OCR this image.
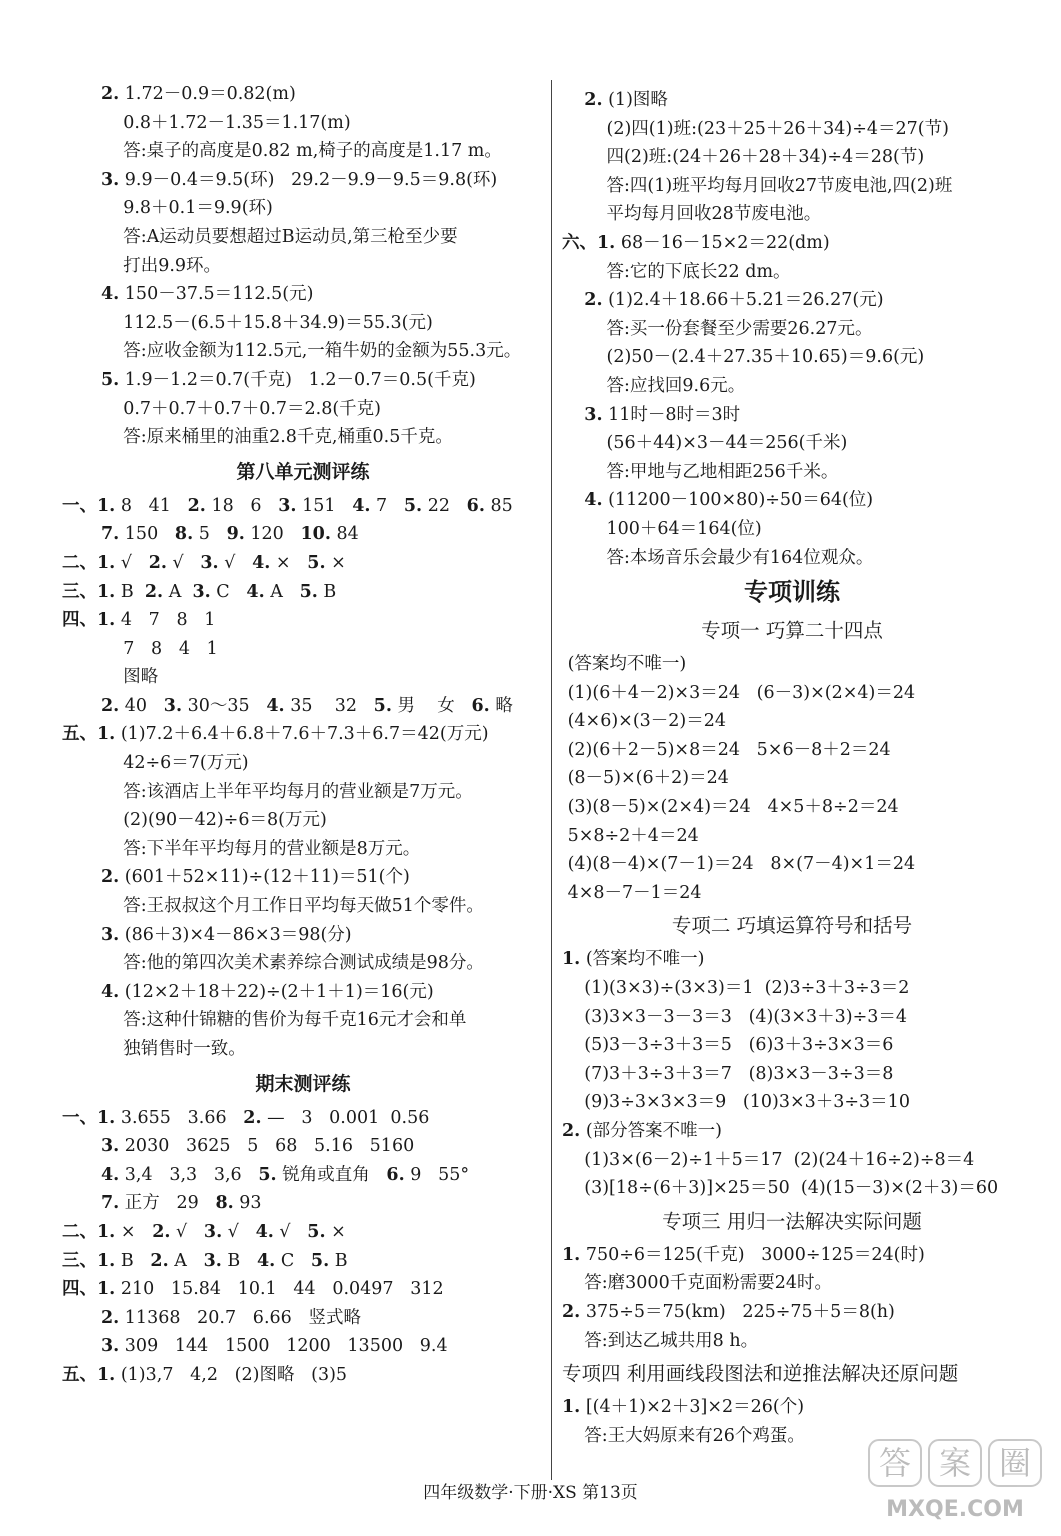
2. 1.72－0.9＝0.82(m)
0.8＋1.72－1.35＝1.17(m)
答:桌子的高度是0.82 m,椅子的高度是1.17 m。
3. 9.9－0.4＝9.5(环)   29.2－9.9－9.5＝9.8(环)
9.8＋0.1＝9.9(环)
答:A运动员要想超过B运动员,第三枪至少要
打出9.9环。
4. 150－37.5＝112.5(元)
112.5－(6.5＋15.8＋34.9)＝55.3(元)
答:应收金额为112.5元,一箱牛奶的金额为55.3元。
5. 1.9－1.2＝0.7(千克)   1.2－0.7＝0.5(千克)
0.7＋0.7＋0.7＋0.7＝2.8(千克)
答:原来桶里的油重2.8千克,桶重0.5千克。
第八单元测评练
一、1. 8   41   2. 18   6   3. 151   4. 7   5. 22   6. 85
7. 150   8. 5   9. 120   10. 84
二、1. √   2. √   3. √   4. ×   5. ×
三、1. B  2. A  3. C   4. A   5. B
四、1. 4   7   8   1
7   8   4   1
图略
2. 40   3. 30～35   4. 35    32   5. 男    女   6. 略
五、1. (1)7.2＋6.4＋6.8＋7.6＋7.3＋6.7＝42(万元)
42÷6＝7(万元)
答:该酒店上半年平均每月的营业额是7万元。
(2)(90－42)÷6＝8(万元)
答:下半年平均每月的营业额是8万元。
2. (601＋52×11)÷(12＋11)＝51(个)
答:王叔叔这个月工作日平均每天做51个零件。
3. (86＋3)×4－86×3＝98(分)
答:他的第四次美术素养综合测试成绩是98分。
4. (12×2＋18＋22)÷(2＋1＋1)＝16(元)
答:这种什锦糖的售价为每千克16元才会和单
独销售时一致。
期末测评练
一、1. 3.655   3.66   2. —   3   0.001  0.56
3. 2030   3625   5   68   5.16   5160
4. 3,4   3,3   3,6   5. 锐角或直角   6. 9   55°
7. 正方   29   8. 93
二、1. ×   2. √   3. √   4. √   5. ×
三、1. B   2. A   3. B   4. C   5. B
四、1. 210   15.84   10.1   44   0.0497   312
2. 11368   20.7   6.66   竖式略
3. 309   144   1500   1200   13500   9.4
五、1. (1)3,7   4,2   (2)图略   (3)5
2. (1)图略
(2)四(1)班:(23＋25＋26＋34)÷4＝27(节)
四(2)班:(24＋26＋28＋34)÷4＝28(节)
答:四(1)班平均每月回收27节废电池,四(2)班
平均每月回收28节废电池。
六、1. 68－16－15×2＝22(dm)
答:它的下底长22 dm。
2. (1)2.4＋18.66＋5.21＝26.27(元)
答:买一份套餐至少需要26.27元。
(2)50－(2.4＋27.35＋10.65)＝9.6(元)
答:应找回9.6元。
3. 11时－8时＝3时
(56＋44)×3－44＝256(千米)
答:甲地与乙地相距256千米。
4. (11200－100×80)÷50＝64(位)
100＋64＝164(位)
答:本场音乐会最少有164位观众。
专项训练
专项一 巧算二十四点
(答案均不唯一)
(1)(6＋4－2)×3＝24   (6－3)×(2×4)＝24
(4×6)×(3－2)＝24
(2)(6＋2－5)×8＝24   5×6－8＋2＝24
(8－5)×(6＋2)＝24
(3)(8－5)×(2×4)＝24   4×5＋8÷2＝24
5×8÷2＋4＝24
(4)(8－4)×(7－1)＝24   8×(7－4)×1＝24
4×8－7－1＝24
专项二 巧填运算符号和括号
1. (答案均不唯一)
(1)(3×3)÷(3×3)＝1  (2)3÷3＋3÷3＝2
(3)3×3－3－3＝3   (4)(3×3＋3)÷3＝4
(5)3－3÷3＋3＝5   (6)3＋3÷3×3＝6
(7)3＋3÷3＋3＝7   (8)3×3－3÷3＝8
(9)3÷3×3×3＝9   (10)3×3＋3÷3＝10
2. (部分答案不唯一)
(1)3×(6－2)÷1＋5＝17  (2)(24＋16÷2)÷8＝4
(3)[18÷(6＋3)]×25＝50  (4)(15－3)×(2＋3)＝60
专项三 用归一法解决实际问题
1. 750÷6＝125(千克)   3000÷125＝24(时)
答:磨3000千克面粉需要24时。
2. 375÷5＝75(km)   225÷75＋5＝8(h)
答:到达乙城共用8 h。
专项四 利用画线段图法和逆推法解决还原问题
1. [(4＋1)×2＋3]×2＝26(个)
答:王大妈原来有26个鸡蛋。
四年级数学·下册·XS 第13页
答 案 圈
MXQE.COM
